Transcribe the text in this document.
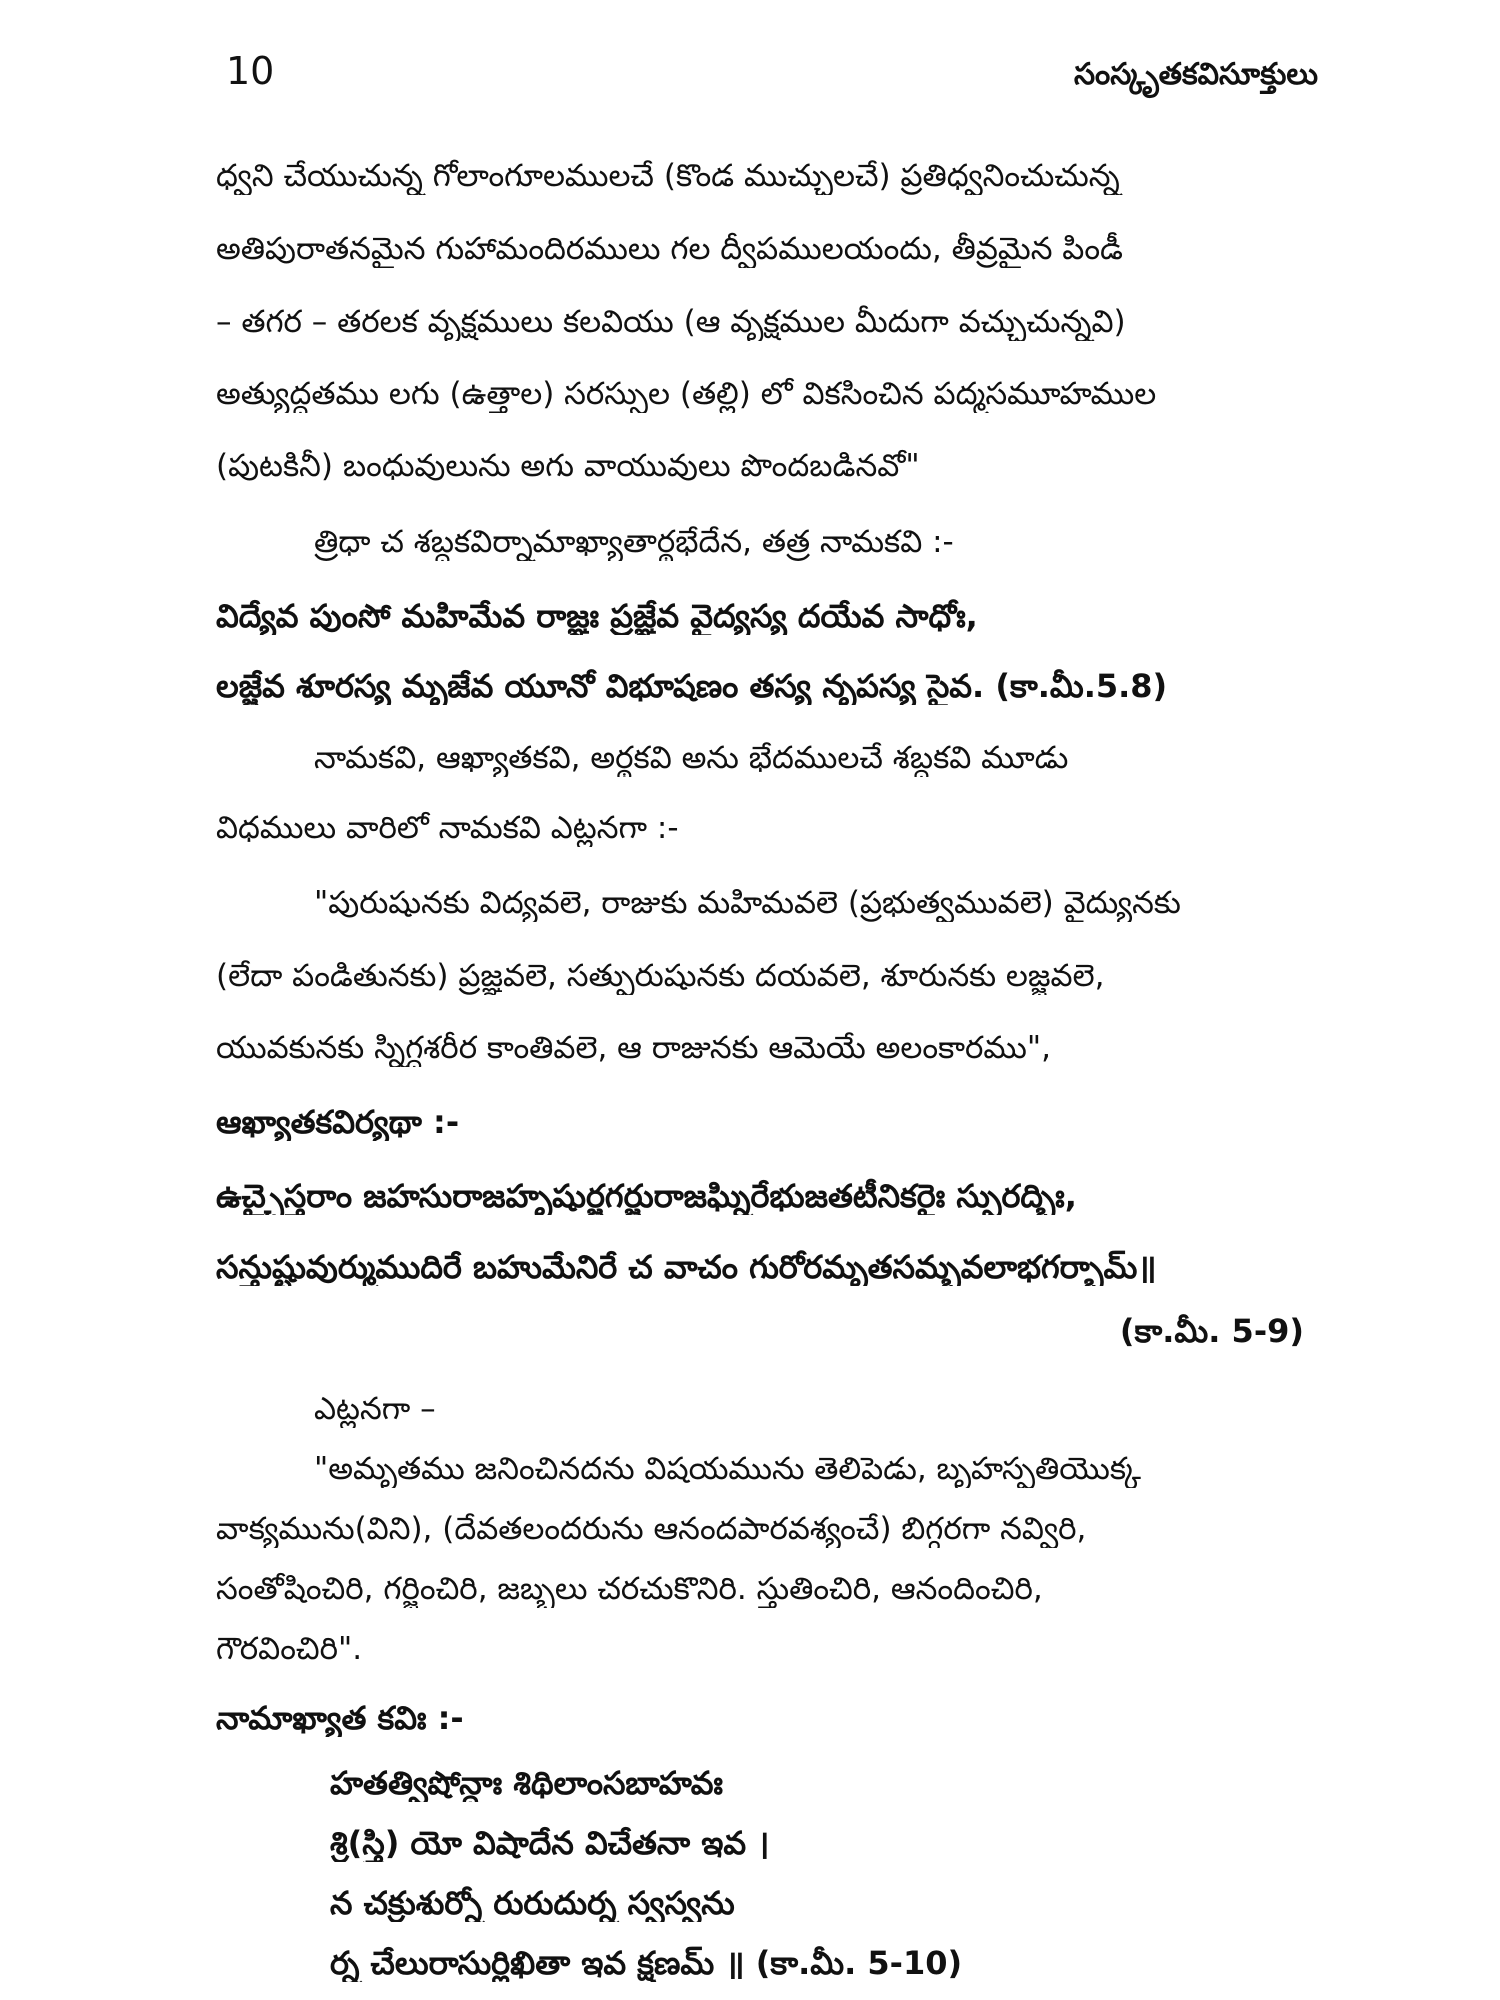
10	సంస్కృతకవిసూక్తులు
ధ్వని చేయుచున్న గోలాంగూలములచే (కొండ ముచ్చులచే) ప్రతిధ్వనించుచున్న
అతిపురాతనమైన గుహామందిరములు గల ద్వీపములయందు, తీవ్రమైన పిండీ
– తగర – తరలక వృక్షములు కలవియు (ఆ వృక్షముల మీదుగా వచ్చుచున్నవి)
అత్యుద్ధతము లగు (ఉత్తాల) సరస్సుల (తల్లి) లో వికసించిన పద్మసమూహముల
(పుటకినీ) బంధువులును అగు వాయువులు పొందబడినవో"
త్రిధా చ శబ్దకవిర్నామాఖ్యాతార్థభేదేన, తత్ర నామకవి :-
విద్యేవ పుంసో మహిమేవ రాజ్ఞః ప్రజ్ఞేవ వైద్యస్య దయేవ సాధోః,
లజ్జేవ శూరస్య మృజేవ యూనో విభూషణం తస్య నృపస్య సైవ. (కా.మీ.5.8)
నామకవి, ఆఖ్యాతకవి, అర్థకవి అను భేదములచే శబ్దకవి మూడు
విధములు వారిలో నామకవి ఎట్లనగా :-
"పురుషునకు విద్యవలె, రాజుకు మహిమవలె (ప్రభుత్వమువలె) వైద్యునకు
(లేదా పండితునకు) ప్రజ్ఞవలె, సత్పురుషునకు దయవలె, శూరునకు లజ్జవలె,
యువకునకు స్నిగ్ధశరీర కాంతివలె, ఆ రాజునకు ఆమెయే అలంకారము",
ఆఖ్యాతకవిర్యథా :-
ఉచ్చైస్తరాం జహసురాజహృషుర్జగర్జురాజఘ్నిరేభుజతటీనికరైః స్ఫురద్భిః,
సన్తుష్టువుర్ముముదిరే బహుమేనిరే చ వాచం గురోరమృతసమ్భవలాభగర్భామ్॥
(కా.మీ. 5-9)
ఎట్లనగా –
"అమృతము జనించినదను విషయమును తెలిపెడు, బృహస్పతియొక్క
వాక్యమును(విని), (దేవతలందరును ఆనందపారవశ్యంచే) బిగ్గరగా నవ్విరి,
సంతోషించిరి, గర్జించిరి, జబ్బలు చరచుకొనిరి. స్తుతించిరి, ఆనందించిరి,
గౌరవించిరి".
నామాఖ్యాత కవిః :-
హతత్విషోన్ధాః శిథిలాంసబాహవః
శ్రి(స్త్రి) యో విషాదేన విచేతనా ఇవ ।
న చక్రుశుర్నో రురుదుర్న స్వస్వను
ర్న చేలురాసుర్లిఖితా ఇవ క్షణమ్ ॥ (కా.మీ. 5-10)
